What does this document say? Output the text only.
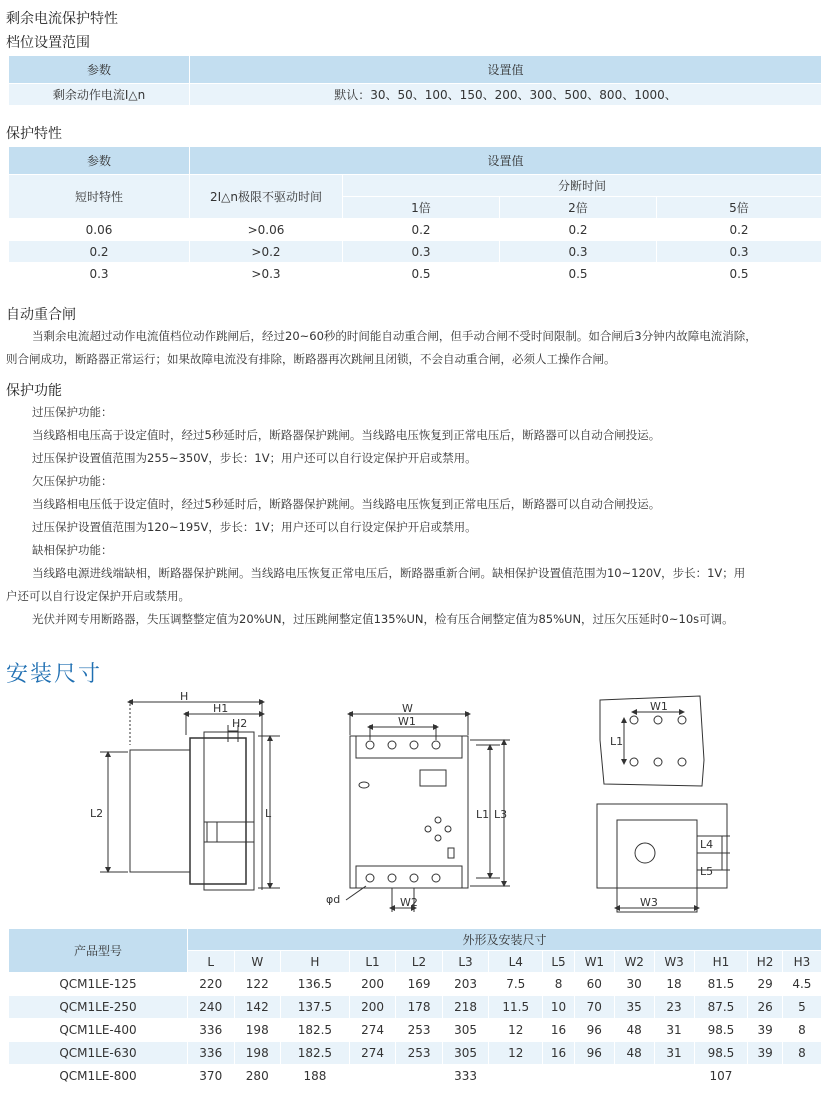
剩余电流保护特性
档位设置范围
参数	设置值
剩余动作电流I△n	默认：30、50、100、150、200、300、500、800、1000、
保护特性
参数	设置值			
短时特性	2I△n极限不驱动时间	分断时间		
		1倍	2倍	5倍
0.06	>0.06	0.2	0.2	0.2
0.2	>0.2	0.3	0.3	0.3
0.3	>0.3	0.5	0.5	0.5
自动重合闸
当剩余电流超过动作电流值档位动作跳闸后，经过20~60秒的时间能自动重合闸，但手动合闸不受时间限制。如合闸后3分钟内故障电流消除，
则合闸成功，断路器正常运行；如果故障电流没有排除，断路器再次跳闸且闭锁，不会自动重合闸，必须人工操作合闸。
保护功能
过压保护功能：
当线路相电压高于设定值时，经过5秒延时后，断路器保护跳闸。当线路电压恢复到正常电压后，断路器可以自动合闸投运。
过压保护设置值范围为255~350V，步长：1V；用户还可以自行设定保护开启或禁用。
欠压保护功能：
当线路相电压低于设定值时，经过5秒延时后，断路器保护跳闸。当线路电压恢复到正常电压后，断路器可以自动合闸投运。
过压保护设置值范围为120~195V，步长：1V；用户还可以自行设定保护开启或禁用。
缺相保护功能：
当线路电源进线端缺相，断路器保护跳闸。当线路电压恢复正常电压后，断路器重新合闸。缺相保护设置值范围为10~120V，步长：1V；用
户还可以自行设定保护开启或禁用。
光伏并网专用断路器，失压调整整定值为20%UN，过压跳闸整定值135%UN，检有压合闸整定值为85%UN，过压欠压延时0~10s可调。
安装尺寸
H
H1
H2
L2	L
W
W1
W2
L1 L3
φd
W1
L1
L4
L5
W3
产品型号	外形及安装尺寸													
	L	W	H	L1	L2	L3	L4	L5	W1	W2	W3	H1	H2	H3
QCM1LE-125	220	122	136.5	200	169	203	7.5	8	60	30	18	81.5	29	4.5
QCM1LE-250	240	142	137.5	200	178	218	11.5	10	70	35	23	87.5	26	5
QCM1LE-400	336	198	182.5	274	253	305	12	16	96	48	31	98.5	39	8
QCM1LE-630	336	198	182.5	274	253	305	12	16	96	48	31	98.5	39	8
QCM1LE-800	370	280	188			333						107		
